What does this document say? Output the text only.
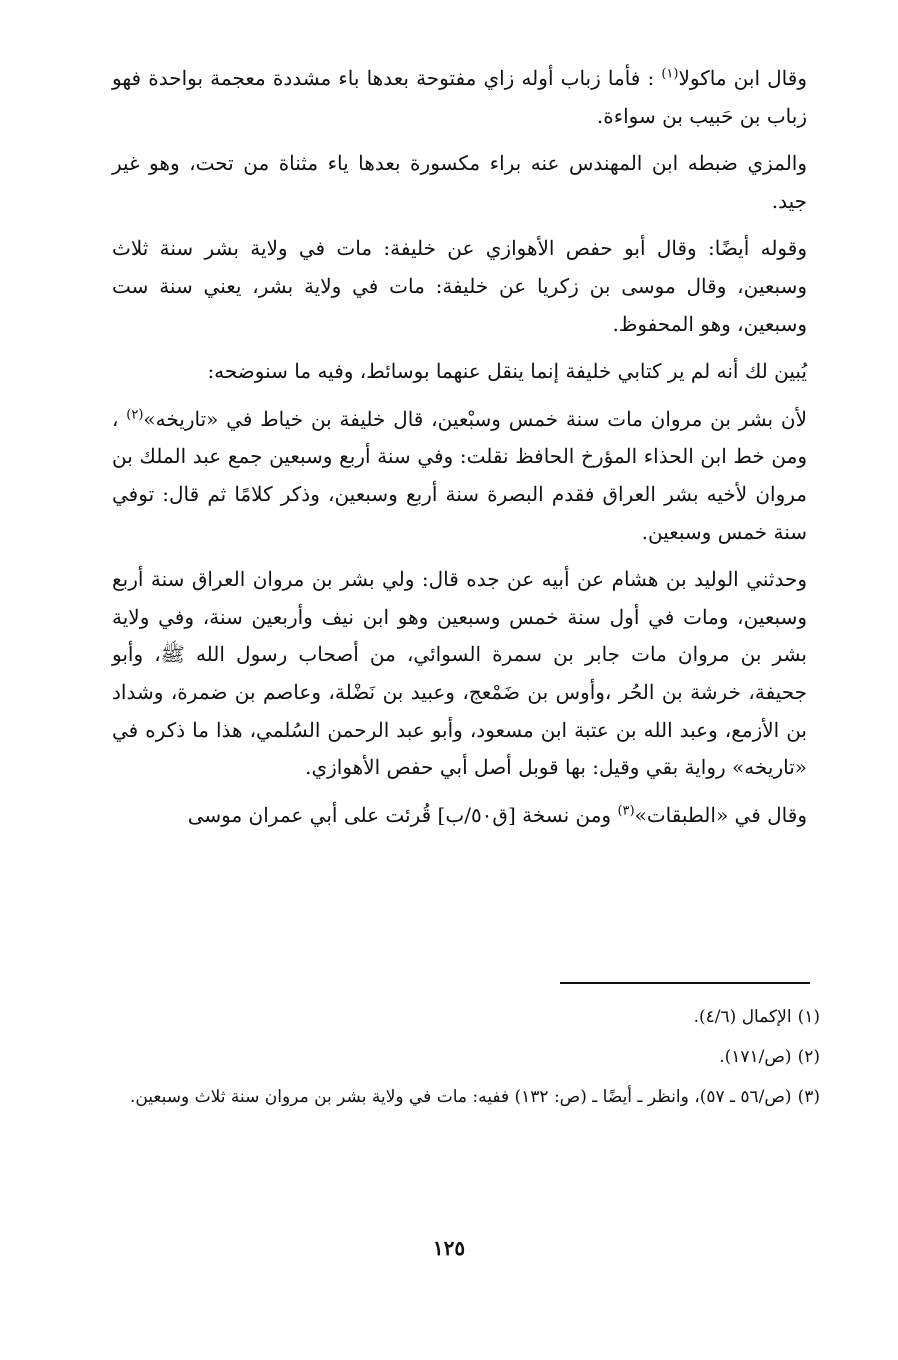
وقال ابن ماكولا$^{(١)}$ : فأما زباب أوله زاي مفتوحة بعدها باء مشددة معجمة بواحدة فهو زباب بن حَبيب بن سواءة.

والمزي ضبطه ابن المهندس عنه براء مكسورة بعدها ياء مثناة من تحت، وهو غير جيد.

وقوله أيضًا: وقال أبو حفص الأهوازي عن خليفة: مات في ولاية بشر سنة ثلاث وسبعين، وقال موسى بن زكريا عن خليفة: مات في ولاية بشر، يعني سنة ست وسبعين، وهو المحفوظ.

يُبين لك أنه لم ير كتابي خليفة إنما ينقل عنهما بوسائط، وفيه ما سنوضحه:

لأن بشر بن مروان مات سنة خمس وسبْعين، قال خليفة بن خياط في «تاريخه»$^{(٢)}$ ، ومن خط ابن الحذاء المؤرخ الحافظ نقلت: وفي سنة أربع وسبعين جمع عبد الملك بن مروان لأخيه بشر العراق فقدم البصرة سنة أربع وسبعين، وذكر كلامًا ثم قال: توفي سنة خمس وسبعين.

وحدثني الوليد بن هشام عن أبيه عن جده قال: ولي بشر بن مروان العراق سنة أربع وسبعين، ومات في أول سنة خمس وسبعين وهو ابن نيف وأربعين سنة، وفي ولاية بشر بن مروان مات جابر بن سمرة السوائي، من أصحاب رسول الله ﷺ، وأبو جحيفة، خرشة بن الحُر ،وأوس بن ضَمْعج، وعبيد بن نَضْلة، وعاصم بن ضمرة، وشداد بن الأزمع، وعبد الله بن عتبة ابن مسعود، وأبو عبد الرحمن السُلمي، هذا ما ذكره في «تاريخه» رواية بقي وقيل: بها قوبل أصل أبي حفص الأهوازي.

وقال في «الطبقات»$^{(٣)}$ ومن نسخة [ق٥٠/ب] قُرئت على أبي عمران موسى

(١)الإكمال (٤/٦).
(٢)(ص/١٧١).
(٣)(ص/٥٦ ـ ٥٧)، وانظر ـ أيضًا ـ (ص: ١٣٢) ففيه: مات في ولاية بشر بن مروان سنة ثلاث وسبعين.
١٢٥
